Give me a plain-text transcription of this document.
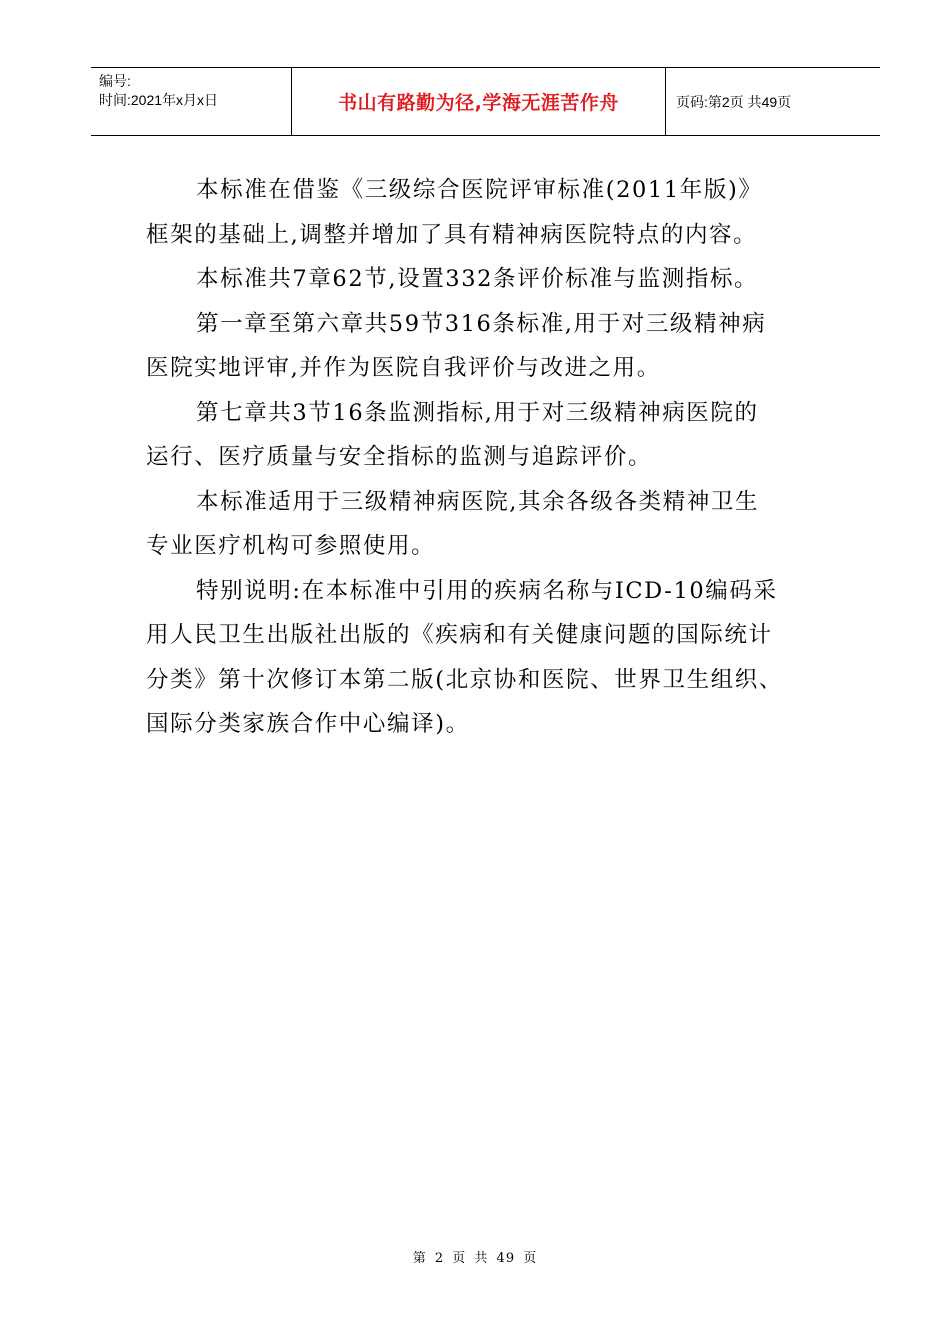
编号:
时间:2021年x月x日	书山有路勤为径,学海无涯苦作舟	页码:第2页 共49页

本标准在借鉴《三级综合医院评审标准(2011年版)》

框架的基础上,调整并增加了具有精神病医院特点的内容。

本标准共7章62节,设置332条评价标准与监测指标。

第一章至第六章共59节316条标准,用于对三级精神病

医院实地评审,并作为医院自我评价与改进之用。

第七章共3节16条监测指标,用于对三级精神病医院的

运行、医疗质量与安全指标的监测与追踪评价。

本标准适用于三级精神病医院,其余各级各类精神卫生

专业医疗机构可参照使用。

特别说明:在本标准中引用的疾病名称与ICD-10编码采

用人民卫生出版社出版的《疾病和有关健康问题的国际统计

分类》第十次修订本第二版(北京协和医院、世界卫生组织、

国际分类家族合作中心编译)。

第 2 页 共 49 页
